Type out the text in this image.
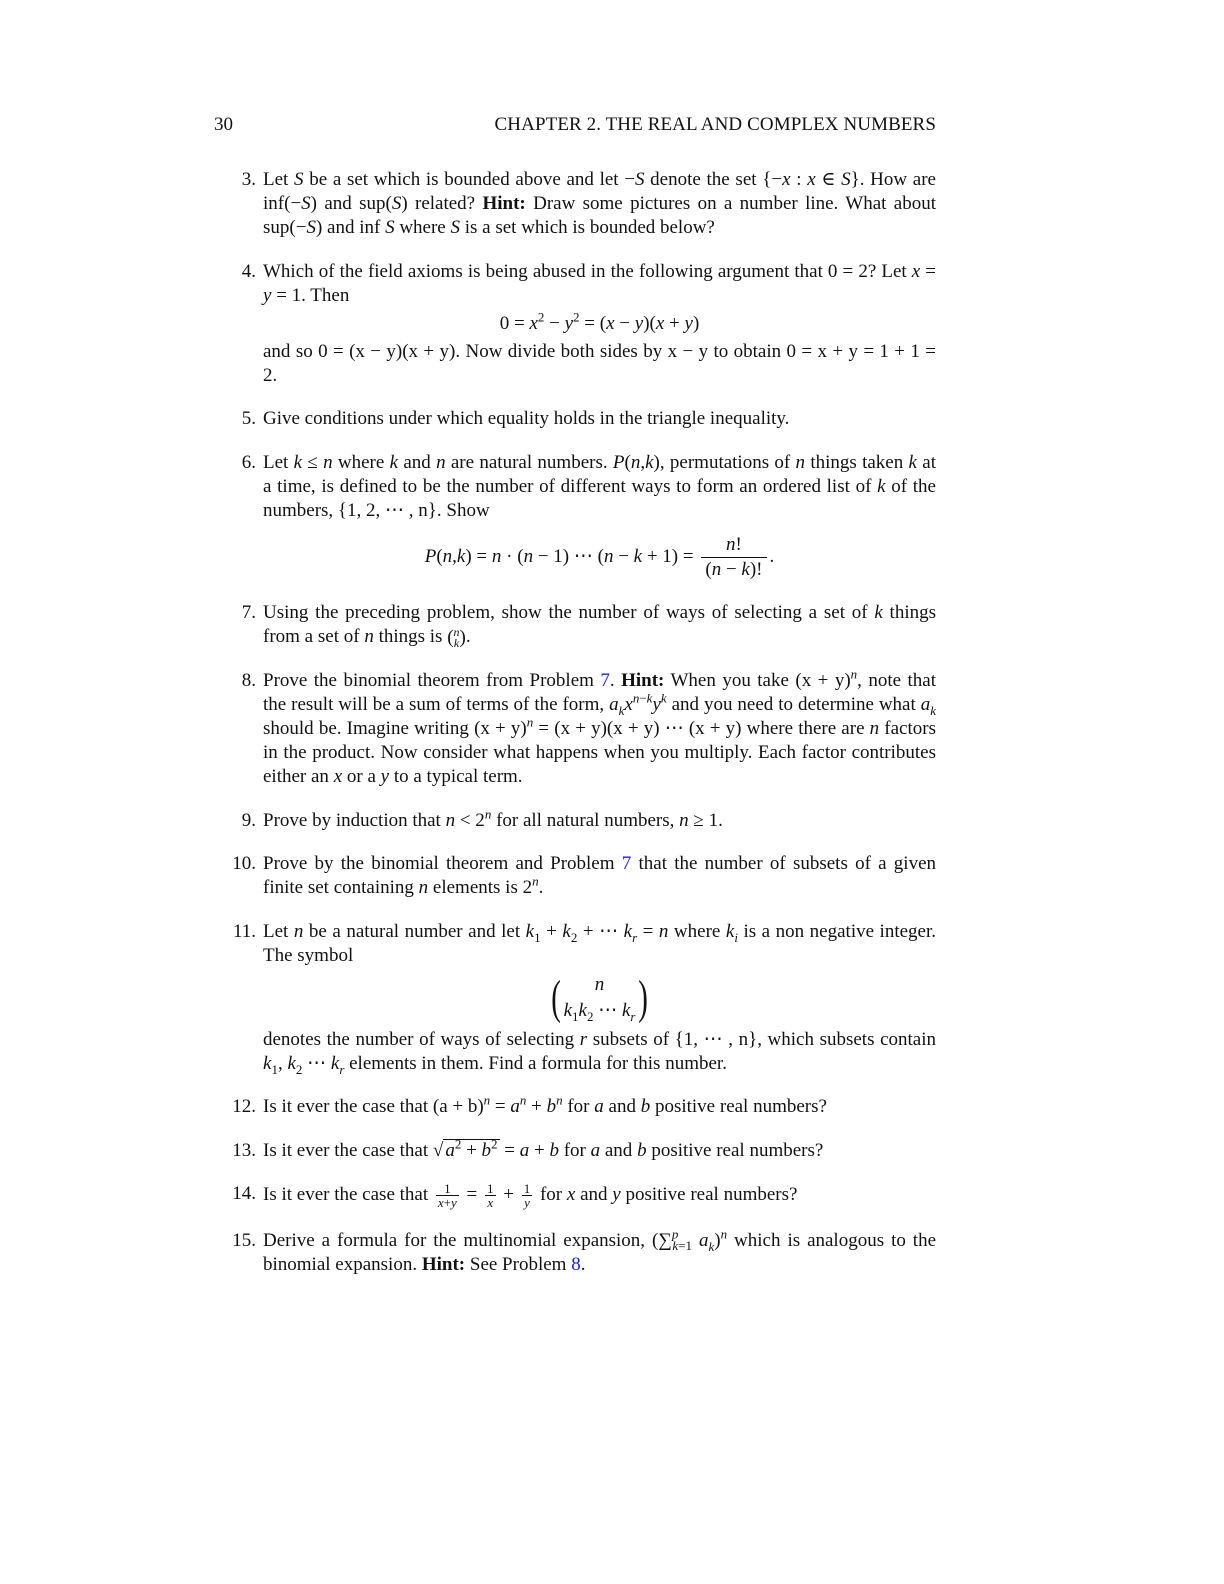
30	CHAPTER 2. THE REAL AND COMPLEX NUMBERS
3. Let S be a set which is bounded above and let −S denote the set {−x : x ∈ S}. How are inf(−S) and sup(S) related? Hint: Draw some pictures on a number line. What about sup(−S) and inf S where S is a set which is bounded below?

4. Which of the field axioms is being abused in the following argument that 0 = 2? Let x = y = 1. Then

$0 = x^2 - y^2 = (x - y)(x + y)$

and so 0 = (x − y)(x + y). Now divide both sides by x − y to obtain 0 = x + y = 1 + 1 = 2.

5. Give conditions under which equality holds in the triangle inequality.

6. Let k ≤ n where k and n are natural numbers. P(n,k), permutations of n things taken k at a time, is defined to be the number of different ways to form an ordered list of k of the numbers, {1, 2, ⋯ , n}. Show

P(n,k) = n · (n − 1) ⋯ $(n - k + 1) = \frac{n!}{(n - k)!}$ .
7. Using the preceding problem, show the number of ways of selecting a set of k things from a set of n things is ( n
k ).

8. Prove the binomial theorem from Problem 7. Hint: When you take $(x + y)^n$, note that the result will be a sum of terms of the form, $a_kx^{n-k}y^k$ and you need to determine what $a_k$ should be. Imagine writing $(x + y)^n = (x + y)(x + y)$ ⋯ (x + y) where there are n factors in the product. Now consider what happens when you multiply. Each factor contributes either an x or a y to a typical term.

9. Prove by induction that $n < 2^n$ for all natural numbers, n ≥ 1.

10. Prove by the binomial theorem and Problem 7 that the number of subsets of a given finite set containing n elements is 2$^n$.

11. Let n be a natural number and let $k_1 + k_2$ + ⋯ $k_r = n$ where $k_i$ is a non negative integer. The symbol

(	n
$k_1k_2$ ⋯ $k_r$ )

denotes the number of ways of selecting r subsets of {1, ⋯ , n}, which subsets contain $k_1$, $k_2$ ⋯ $k_r$ elements in them. Find a formula for this number.

12. Is it ever the case that $(a + b)^n = a^n + b^n$ for a and b positive real numbers?

13. Is it ever the case that √ $a^2 + b^2 = a + b$ for a and b positive real numbers?

14. Is it ever the case that $\frac{1}{x+y} = \frac{1}{x} + \frac{1}{y}$ for x and y positive real numbers?

15. Derive a formula for the multinomial expansion, (∑$^p_{k=1}$ $a_k)^n$ which is analogous to the binomial expansion. Hint: See Problem 8.
